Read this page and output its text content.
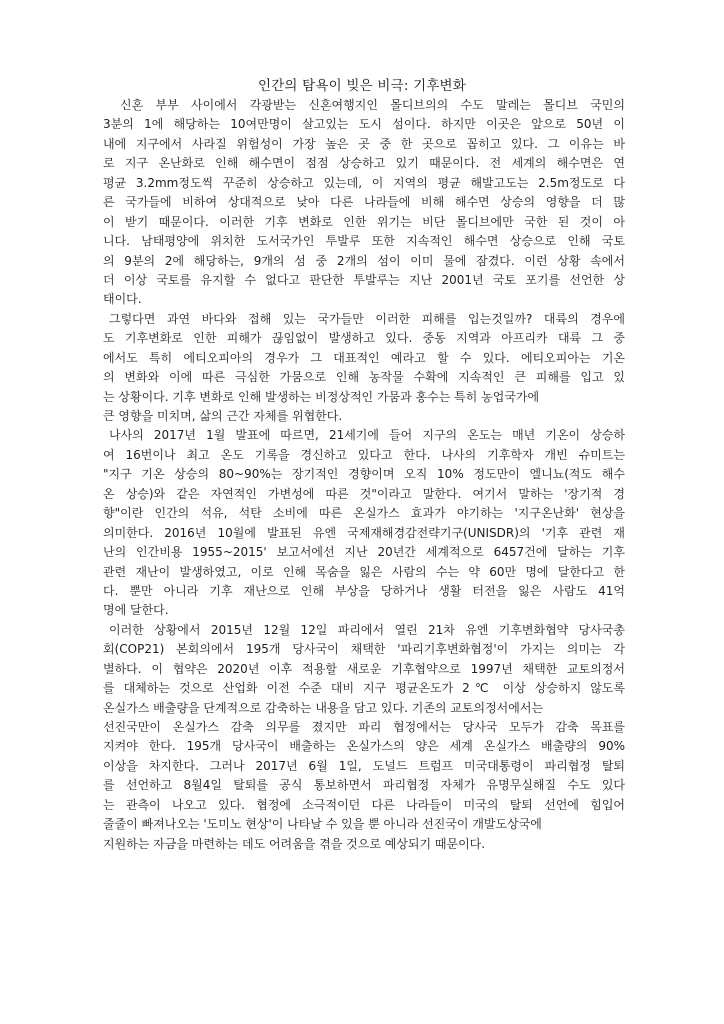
인간의 탐욕이 빚은 비극: 기후변화
신혼 부부 사이에서 각광받는 신혼여행지인 몰디브의의 수도 말레는 몰디브 국민의
3분의 1에 해당하는 10여만명이 살고있는 도시 섬이다. 하지만 이곳은 앞으로 50년 이
내에 지구에서 사라질 위험성이 가장 높은 곳 중 한 곳으로 꼽히고 있다. 그 이유는 바
로 지구 온난화로 인해 해수면이 점점 상승하고 있기 때문이다. 전 세계의 해수면은 연
평균 3.2mm정도씩 꾸준히 상승하고 있는데, 이 지역의 평균 해발고도는 2.5m정도로 다
른 국가들에 비하여 상대적으로 낮아 다른 나라들에 비해 해수면 상승의 영향을 더 많
이 받기 때문이다. 이러한 기후 변화로 인한 위기는 비단 몰디브에만 국한 된 것이 아
니다. 남태평양에 위치한 도서국가인 투발루 또한 지속적인 해수면 상승으로 인해 국토
의 9분의 2에 해당하는, 9개의 섬 중 2개의 섬이 이미 물에 잠겼다. 이런 상황 속에서
더 이상 국토를 유지할 수 없다고 판단한 투발루는 지난 2001년 국토 포기를 선언한 상
태이다.
그렇다면 과연 바다와 접해 있는 국가들만 이러한 피해를 입는것일까? 대륙의 경우에
도 기후변화로 인한 피해가 끊임없이 발생하고 있다. 중동 지역과 아프리카 대륙 그 중
에서도 특히 에티오피아의 경우가 그 대표적인 예라고 할 수 있다. 에티오피아는 기온
의 변화와 이에 따른 극심한 가뭄으로 인해 농작물 수확에 지속적인 큰 피해를 입고 있
는 상황이다. 기후 변화로 인해 발생하는 비정상적인 가뭄과 홍수는 특히 농업국가에
큰 영향을 미치며, 삶의 근간 자체를 위협한다.
나사의 2017년 1월 발표에 따르면, 21세기에 들어 지구의 온도는 매년 기온이 상승하
여 16번이나 최고 온도 기록을 경신하고 있다고 한다. 나사의 기후학자 개빈 슈미트는
"지구 기온 상승의 80~90%는 장기적인 경향이며 오직 10% 정도만이 엘니뇨(적도 해수
온 상승)와 같은 자연적인 가변성에 따른 것"이라고 말한다. 여기서 말하는 '장기적 경
향"이란 인간의 석유, 석탄 소비에 따른 온실가스 효과가 야기하는 '지구온난화' 현상을
의미한다. 2016년 10월에 발표된 유엔 국제재해경감전략기구(UNISDR)의 '기후 관련 재
난의 인간비용 1955~2015' 보고서에선 지난 20년간 세계적으로 6457건에 달하는 기후
관련 재난이 발생하였고, 이로 인해 목숨을 잃은 사람의 수는 약 60만 명에 달한다고 한
다. 뿐만 아니라 기후 재난으로 인해 부상을 당하거나 생활 터전을 잃은 사람도 41억
명에 달한다.
이러한 상황에서 2015년 12월 12일 파리에서 열린 21차 유엔 기후변화협약 당사국총
회(COP21) 본회의에서 195개 당사국이 채택한 '파리기후변화협정'이 가지는 의미는 각
별하다. 이 협약은 2020년 이후 적용할 새로운 기후협약으로 1997년 채택한 교토의정서
를 대체하는 것으로 산업화 이전 수준 대비 지구 평균온도가 2℃ 이상 상승하지 않도록
온실가스 배출량을 단계적으로 감축하는 내용을 담고 있다. 기존의 교토의정서에서는
선진국만이 온실가스 감축 의무를 졌지만 파리 협정에서는 당사국 모두가 감축 목표를
지켜야 한다. 195개 당사국이 배출하는 온실가스의 양은 세계 온실가스 배출량의 90%
이상을 차지한다. 그러나 2017년 6월 1일, 도널드 트럼프 미국대통령이 파리협정 탈퇴
를 선언하고 8월4일 탈퇴를 공식 통보하면서 파리협정 자체가 유명무실해질 수도 있다
는 관측이 나오고 있다. 협정에 소극적이던 다른 나라들이 미국의 탈퇴 선언에 힘입어
줄줄이 빠져나오는 '도미노 현상'이 나타날 수 있을 뿐 아니라 선진국이 개발도상국에
지원하는 자금을 마련하는 데도 어려움을 겪을 것으로 예상되기 때문이다.
